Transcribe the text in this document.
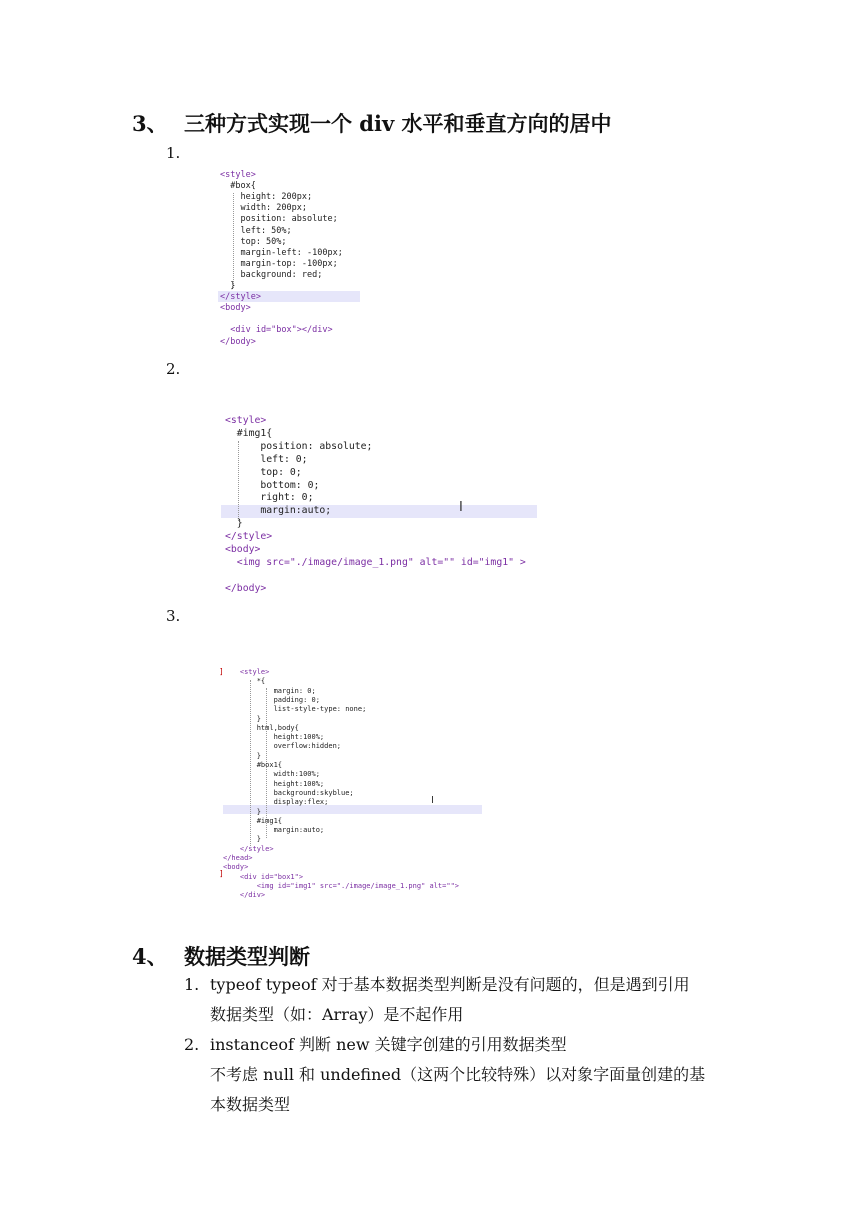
3、 三种方式实现一个 div 水平和垂直方向的居中
1.
<style>
#box{
height: 200px;
width: 200px;
position: absolute;
left: 50%;
top: 50%;
margin-left: -100px;
margin-top: -100px;
background: red;
}
</style>
<body>
<div id="box"></div>
</body>
2.
<style>
#img1{
position: absolute;
left: 0;
top: 0;
bottom: 0;
right: 0;
margin:auto;
}
</style>
<body>
<img src="./image/image_1.png" alt="" id="img1" >
</body>
I
3.
]
]
<style>
*{
margin: 0;
padding: 0;
list-style-type: none;
}
html,body{
height:100%;
overflow:hidden;
}
#box1{
width:100%;
height:100%;
background:skyblue;
display:flex;
}
#img1{
margin:auto;
}
</style>
</head>
<body>
<div id="box1">
<img id="img1" src="./image/image_1.png" alt="">
</div>
I
4、 数据类型判断
1. typeof typeof 对于基本数据类型判断是没有问题的，但是遇到引用
数据类型（如：Array）是不起作用
2. instanceof 判断 new 关键字创建的引用数据类型
不考虑 null 和 undefined（这两个比较特殊）以对象字面量创建的基
本数据类型
